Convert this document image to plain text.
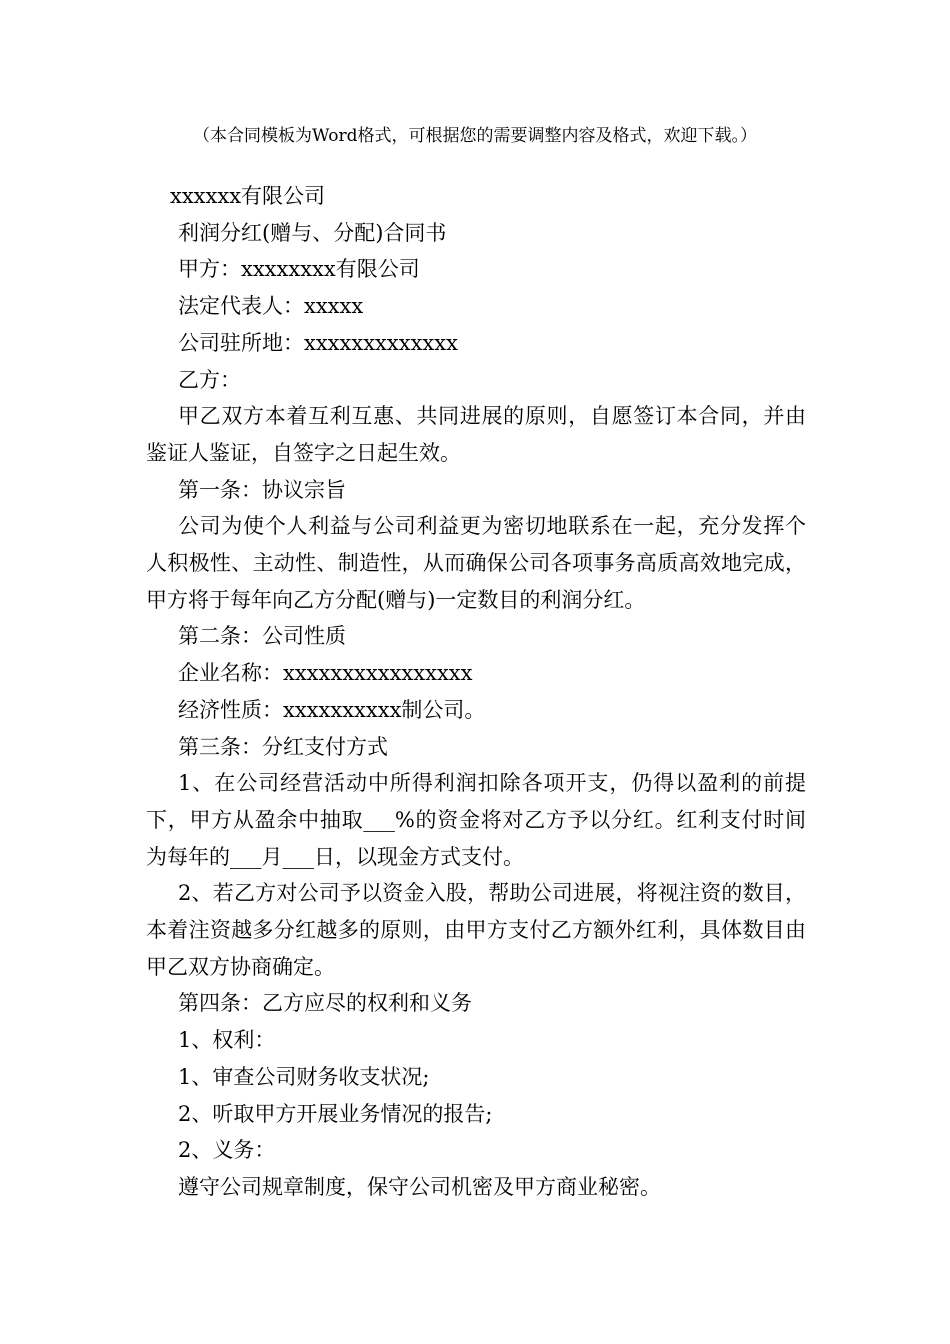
（本合同模板为Word格式，可根据您的需要调整内容及格式，欢迎下载。）

xxxxxx有限公司

利润分红(赠与、分配)合同书

甲方：xxxxxxxx有限公司

法定代表人：xxxxx

公司驻所地：xxxxxxxxxxxxx

乙方：

甲乙双方本着互利互惠、共同进展的原则，自愿签订本合同，并由鉴证人鉴证，自签字之日起生效。

第一条：协议宗旨

公司为使个人利益与公司利益更为密切地联系在一起，充分发挥个人积极性、主动性、制造性，从而确保公司各项事务高质高效地完成，甲方将于每年向乙方分配(赠与)一定数目的利润分红。

第二条：公司性质

企业名称：xxxxxxxxxxxxxxxx

经济性质：xxxxxxxxxx制公司。

第三条：分红支付方式

1、在公司经营活动中所得利润扣除各项开支，仍得以盈利的前提下，甲方从盈余中抽取___%的资金将对乙方予以分红。红利支付时间为每年的___月___日，以现金方式支付。

2、若乙方对公司予以资金入股，帮助公司进展，将视注资的数目，本着注资越多分红越多的原则，由甲方支付乙方额外红利，具体数目由甲乙双方协商确定。

第四条：乙方应尽的权利和义务

1、权利：

1、审查公司财务收支状况;

2、听取甲方开展业务情况的报告;

2、义务：

遵守公司规章制度，保守公司机密及甲方商业秘密。
